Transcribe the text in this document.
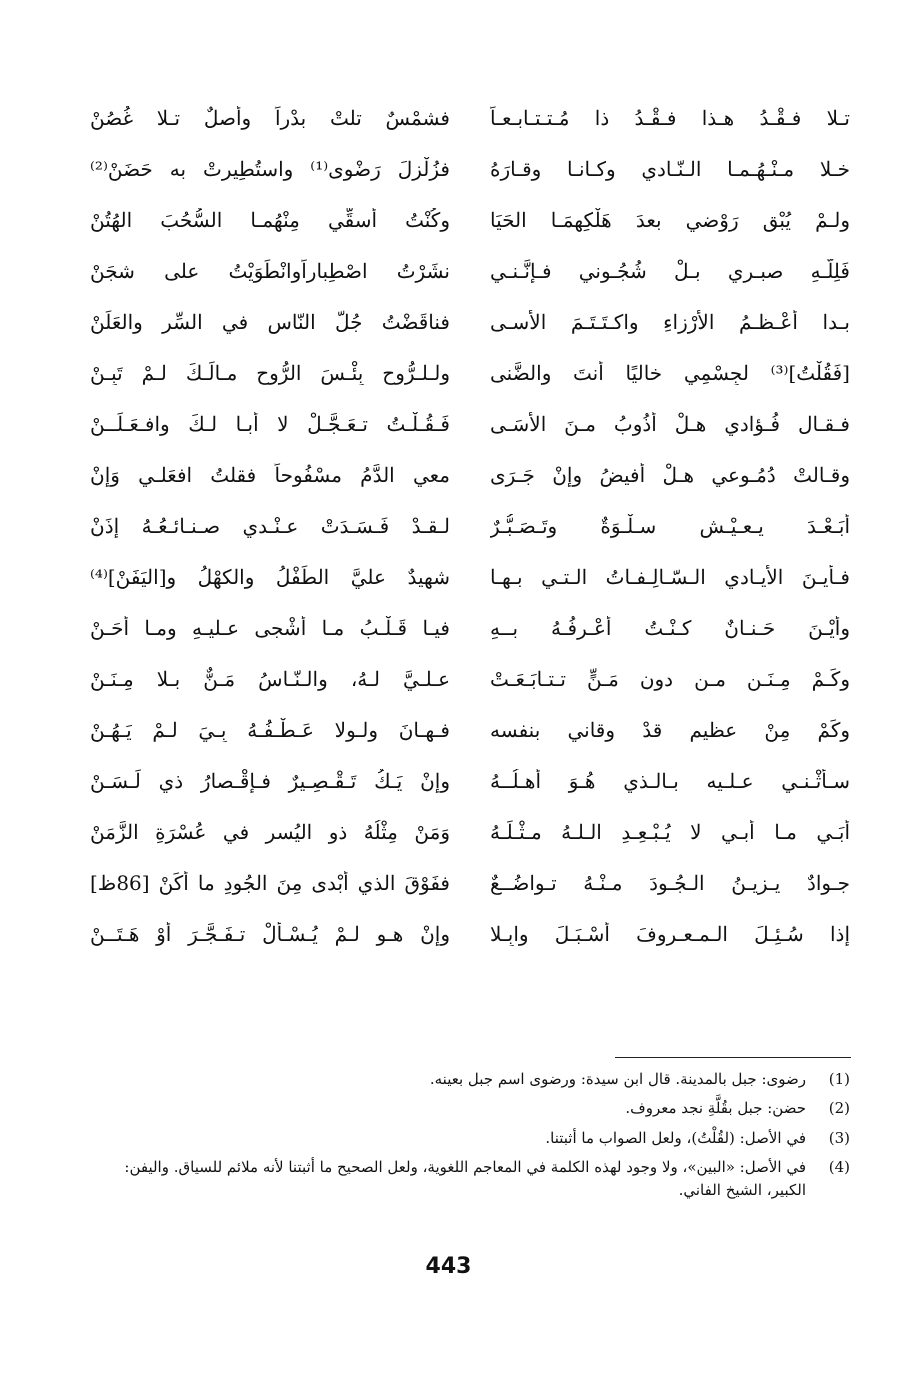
تـلا فـقْـدُ هـذا فـقْـدُ ذا مُـتـتـابـعـاً
فشمْسٌ تلتْ بدْراً وأصلٌ تـلا غُصُنْ
خـلا مـنْـهُـمـا الـنّـادي وكـانـا وقـارَهُ
فزُلْزِلَ رَضْوى⁽¹⁾ واستُطِيرتْ به حَضَنْ⁽²⁾
ولـمْ يُبْقِ رَوْضي بعدَ هَلْكِهِمَـا الحَيَا
وكُنْتُ أسقِّي مِنْهُمـا السُّحُبَ الهُتُنْ
فَلِلَّـهِ صبـري بـلْ شُجُـوني فـإنَّـنـي
نشَرْتُ اصْطِباراًوانْطَوَيْتُ على شجَنْ
بـدا أعْـظـمُ الأرْزاءِ واكـتَـتَـمَ الأسـى
فناقَضْتُ جُلَّ النّاسِ في السِّر والعَلَنْ
[فَقُلْتُ]⁽³⁾ لجِسْمِي خاليًا أنتَ والضَّنى
ولـلـرُّوحِ بِئْـسَ الرُّوحِ مـالَـكَ لـمْ تَبِـنْ
فـقـال فُـؤادي هـلْ أذُوبُ مـنَ الأسَـى
فَـقُـلْـتُ تـعَـجَّـلْ لا أبـا لـكَ وافـعَـلَــنْ
وقـالتْ دُمُـوعي هـلْ أفيضُ وإنْ جَـرَى
معي الدَّمُ مسْفُوحاً فقلتُ افعَلـي وَإنْ
أبَـعْـدَ يـعـيْـشٍ سـلْـوَةٌ وتَـصَـبُّـرٌ
لـقـدْ فَـسَـدَتْ عـنْـدي صـنـائـعُـهُ إذَنْ
فـأيـنَ الأيـادي الـسّـالِـفـاتُ الـتـي بـهـا
شهيدٌ عليَّ الطِّفْلُ والكهْلُ و[اليَفَنْ]⁽⁴⁾
وأيْـنَ حَـنـانٌ كـنْـتُ أعْـرِفُـهُ بــهِ
فيـا قَـلْـبُ مـا أشْجى عـليـهِ ومـا أحَـنْ
وكَـمْ مِـنَـنٍ مـن دون مَـنٍّ تـتـابَـعَـتْ
عـلـيَّ لـهُ، والـنّـاسُ مَـنٌّ بـلا مِـنَـنْ
وكَمْ مِنْ عظيمٍ قدْ وقاني بنفسه
فـهـانَ ولـولا عَـطْـفُـهُ بِـيَ لـمْ يَـهُـنْ
سـأُثْـنـي عـلـيه بـالـذي هُـوَ أهـلُــهُ
وإنْ يَـكُ تَـقْـصِـيرٌ فـإقْـصارُ ذي لَـسَـنْ
أبَـي مـا أبـي لا يُـبْـعِـدِ الـلـهُ مـثْـلَـهُ
وَمَنْ مِثْلُهُ ذو اليُسرِ في عُسْرَةِ الزَّمَنْ
جـوادٌ يـزيـنُ الـجُـودَ مـنْـهُ تـواضُــعٌ
ففَوْقَ الذي أبْدى مِنَ الجُودِ ما أكَنْ [86ظ]
إذا سُـئِـلَ الـمـعـروفَ أسْـبَـلَ وابِـلا
وإنْ هـو لـمْ يُـسْـأَلْ تـفَـجَّـرَ أوْ هَـتَــنْ
(1)
رضوى: جبل بالمدينة. قال ابن سيدة: ورضوى اسم جبل بعينه.
(2)
حضن: جبل بقُلَّةِ نجد معروف.
(3)
في الأصل: (لقُلْتُ)، ولعل الصواب ما أثبتنا.
(4)
في الأصل: «البين»، ولا وجود لهذه الكلمة في المعاجم اللغوية، ولعل الصحيح ما أثبتنا لأنه ملائم للسياق. واليفن: الكبير، الشيخ الفاني.
443
